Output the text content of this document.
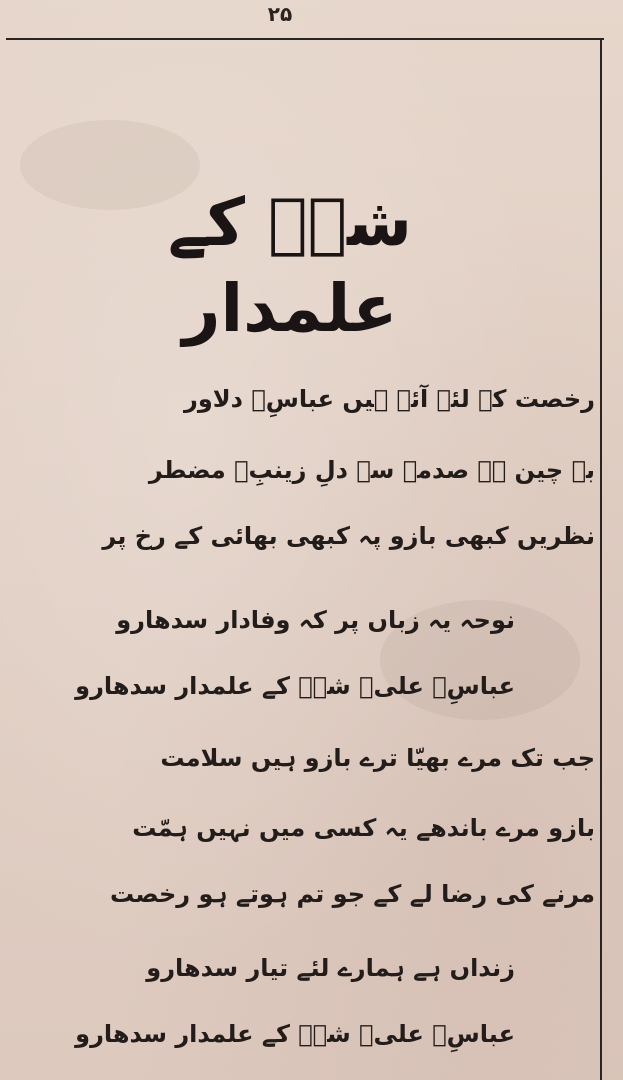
۲۵
شہؑ کے علمدار
رخصت کے لئے آئے ہیں عباسِؑ دلاور
بے چین ہے صدمے سے دلِ زینبِؑ مضطر
نظریں کبھی بازو پہ کبھی بھائی کے رخ پر
نوحہ یہ زباں پر کہ وفادار سدھارو
عباسِؑ علیؑ شہؑ کے علمدار سدھارو
جب تک مرے بھیّا ترے بازو ہیں سلامت
بازو مرے باندھے یہ کسی میں نہیں ہمّت
مرنے کی رضا لے کے جو تم ہوتے ہو رخصت
زنداں ہے ہمارے لئے تیار سدھارو
عباسِؑ علیؑ شہؑ کے علمدار سدھارو
